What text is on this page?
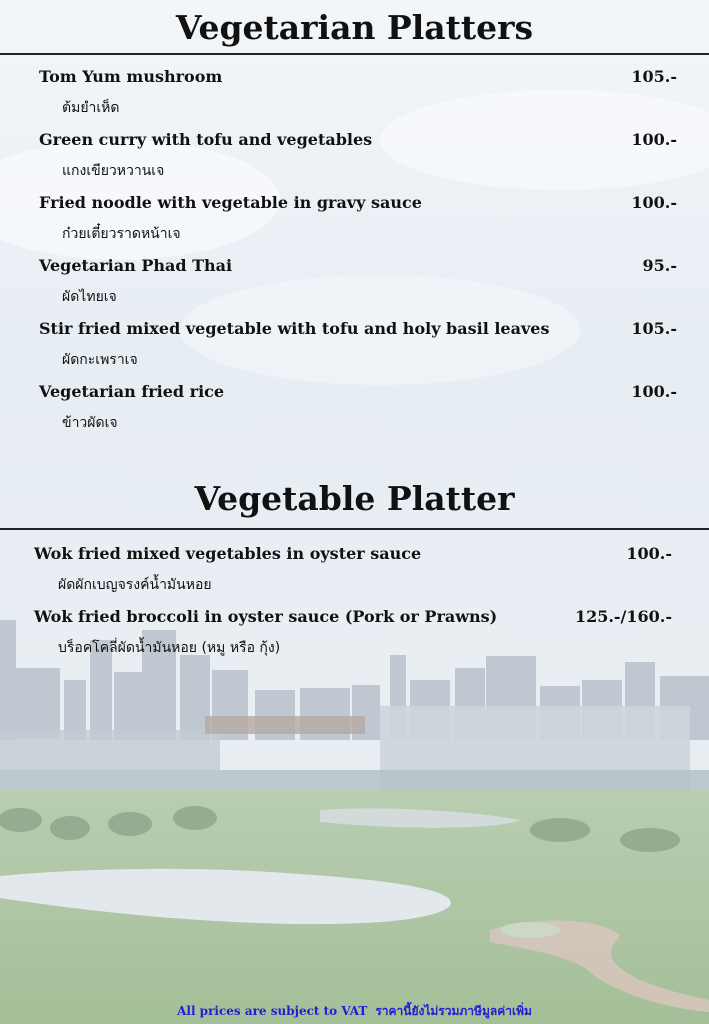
Vegetarian Platters
Tom Yum mushroom	105.-
ต้มยำเห็ด
Green curry with tofu and vegetables	100.-
แกงเขียวหวานเจ
Fried noodle with vegetable in gravy sauce	100.-
ก๋วยเตี๋ยวราดหน้าเจ
Vegetarian Phad Thai	95.-
ผัดไทยเจ
Stir fried mixed vegetable with tofu and holy basil leaves	105.-
ผัดกะเพราเจ
Vegetarian fried rice	100.-
ข้าวผัดเจ
Vegetable Platter
Wok fried mixed vegetables in oyster sauce	100.-
ผัดผักเบญจรงค์น้ำมันหอย
Wok fried broccoli in oyster sauce (Pork or Prawns)	125.-/160.-
บร็อคโคลี่ผัดน้ำมันหอย (หมู หรือ กุ้ง)
All prices are subject to VAT ราคานี้ยังไม่รวมภาษีมูลค่าเพิ่ม
